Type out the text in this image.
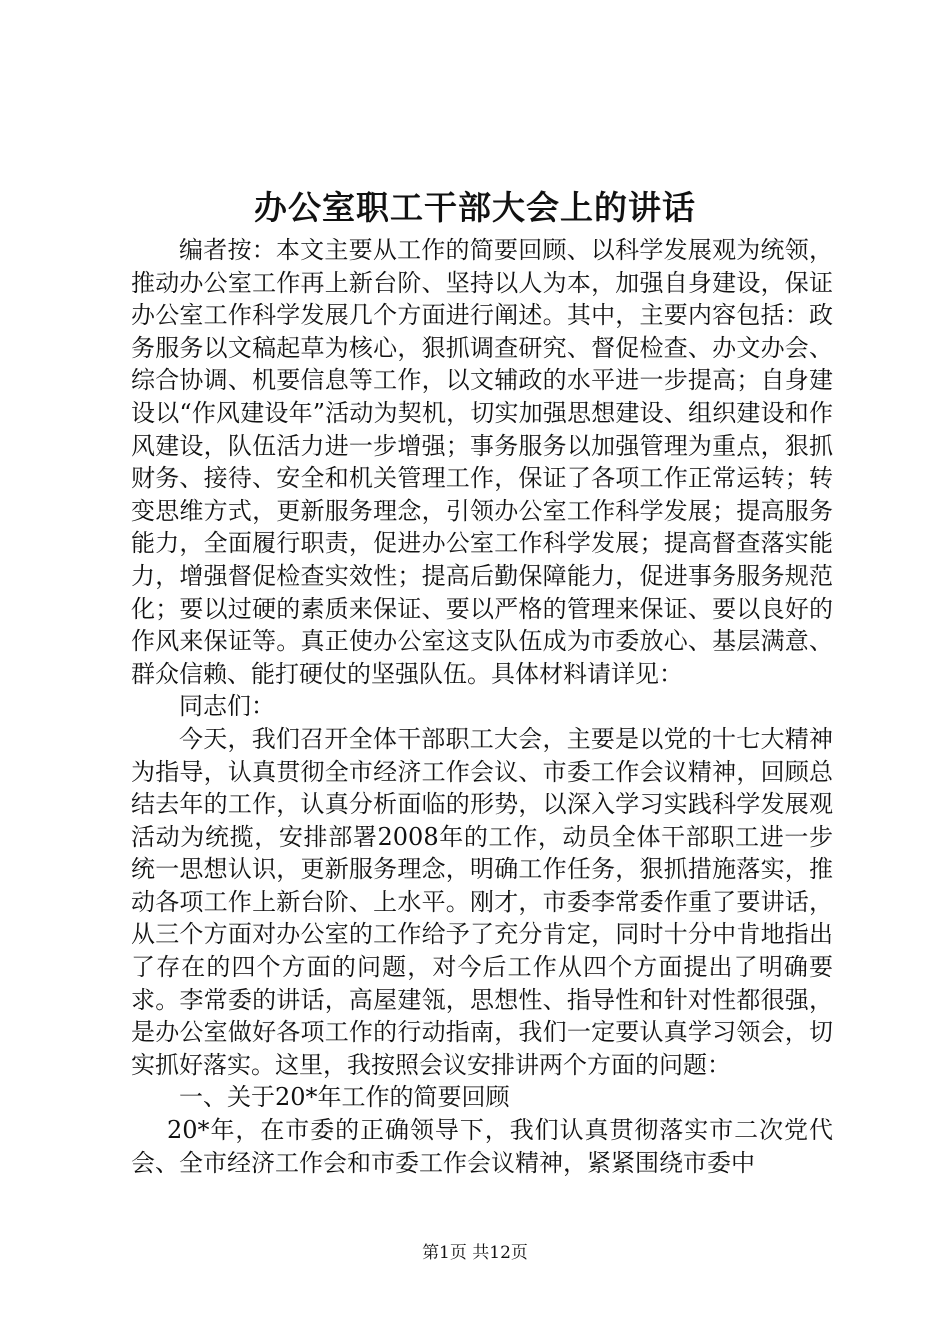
办公室职工干部大会上的讲话

编者按：本文主要从工作的简要回顾、以科学发展观为统领，推动办公室工作再上新台阶、坚持以人为本，加强自身建设，保证办公室工作科学发展几个方面进行阐述。其中，主要内容包括：政务服务以文稿起草为核心，狠抓调查研究、督促检查、办文办会、综合协调、机要信息等工作，以文辅政的水平进一步提高；自身建设以“作风建设年”活动为契机，切实加强思想建设、组织建设和作风建设，队伍活力进一步增强；事务服务以加强管理为重点，狠抓财务、接待、安全和机关管理工作，保证了各项工作正常运转；转变思维方式，更新服务理念，引领办公室工作科学发展；提高服务能力，全面履行职责，促进办公室工作科学发展；提高督查落实能力，增强督促检查实效性；提高后勤保障能力，促进事务服务规范化；要以过硬的素质来保证、要以严格的管理来保证、要以良好的作风来保证等。真正使办公室这支队伍成为市委放心、基层满意、群众信赖、能打硬仗的坚强队伍。具体材料请详见：

同志们：

今天，我们召开全体干部职工大会，主要是以党的十七大精神为指导，认真贯彻全市经济工作会议、市委工作会议精神，回顾总结去年的工作，认真分析面临的形势，以深入学习实践科学发展观活动为统揽，安排部署2008年的工作，动员全体干部职工进一步统一思想认识，更新服务理念，明确工作任务，狠抓措施落实，推动各项工作上新台阶、上水平。刚才，市委李常委作重了要讲话，从三个方面对办公室的工作给予了充分肯定，同时十分中肯地指出了存在的四个方面的问题，对今后工作从四个方面提出了明确要求。李常委的讲话，高屋建瓴，思想性、指导性和针对性都很强，是办公室做好各项工作的行动指南，我们一定要认真学习领会，切实抓好落实。这里，我按照会议安排讲两个方面的问题：

一、关于20*年工作的简要回顾

20*年，在市委的正确领导下，我们认真贯彻落实市二次党代会、全市经济工作会和市委工作会议精神，紧紧围绕市委中

第1页 共12页
